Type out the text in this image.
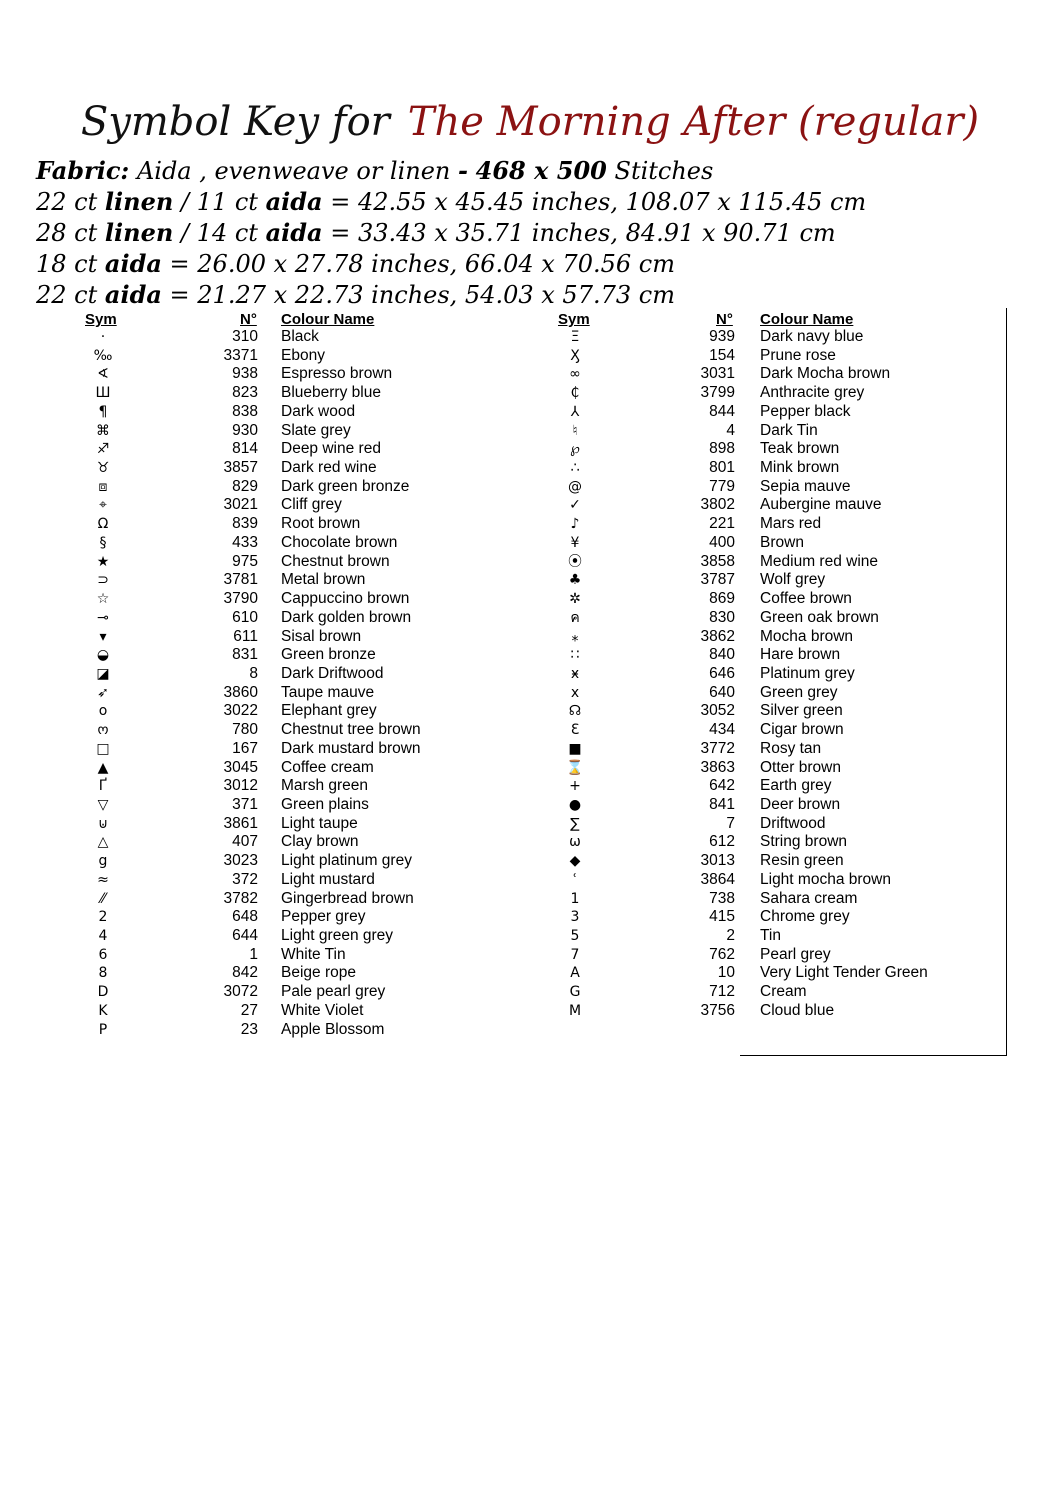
Symbol Key for The Morning After (regular)
Fabric: Aida , evenweave or linen - 468 x 500 Stitches
22 ct linen / 11 ct aida = 42.55 x 45.45 inches, 108.07 x 115.45 cm
28 ct linen / 14 ct aida = 33.43 x 35.71 inches, 84.91 x 90.71 cm
18 ct aida = 26.00 x 27.78 inches, 66.04 x 70.56 cm
22 ct aida = 21.27 x 22.73 inches, 54.03 x 57.73 cm
Sym	N° Colour Name	Sym	N° Colour Name
·	310 Black
‰	3371 Ebony
∢	938 Espresso brown
Ш	823 Blueberry blue
¶	838 Dark wood
⌘	930 Slate grey
♐	814 Deep wine red
♉	3857 Dark red wine
⧈	829 Dark green bronze
⌖	3021 Cliff grey
Ω	839 Root brown
§	433 Chocolate brown
★	975 Chestnut brown
⊃	3781 Metal brown
☆	3790 Cappuccino brown
⊸	610 Dark golden brown
▾	611 Sisal brown
◒	831 Green bronze
◪	8 Dark Driftwood
➶	3860 Taupe mauve
o	3022 Elephant grey
ო	780 Chestnut tree brown
□	167 Dark mustard brown
▲	3045 Coffee cream
Ґ	3012 Marsh green
▽	371 Green plains
⊍	3861 Light taupe
△	407 Clay brown
g	3023 Light platinum grey
≈	372 Light mustard
⁄⁄	3782 Gingerbread brown
2	648 Pepper grey
4	644 Light green grey
6	1 White Tin
8	842 Beige rope
D	3072 Pale pearl grey
K	27 White Violet
P	23 Apple Blossom
Ξ	939 Dark navy blue
Ӽ	154 Prune rose
∞	3031 Dark Mocha brown
₵	3799 Anthracite grey
⅄	844 Pepper black
♮	4 Dark Tin
℘	898 Teak brown
∴	801 Mink brown
@	779 Sepia mauve
✓	3802 Aubergine mauve
♪	221 Mars red
¥	400 Brown
⦿	3858 Medium red wine
♣	3787 Wolf grey
✲	869 Coffee brown
ค	830 Green oak brown
⁎	3862 Mocha brown
∷	840 Hare brown
ӿ	646 Platinum grey
x	640 Green grey
☊	3052 Silver green
Ɛ	434 Cigar brown
■	3772 Rosy tan
⌛	3863 Otter brown
+	642 Earth grey
●	841 Deer brown
∑	7 Driftwood
ω	612 String brown
◆	3013 Resin green
ʿ	3864 Light mocha brown
1	738 Sahara cream
3	415 Chrome grey
5	2 Tin
7	762 Pearl grey
A	10 Very Light Tender Green
G	712 Cream
M	3756 Cloud blue
